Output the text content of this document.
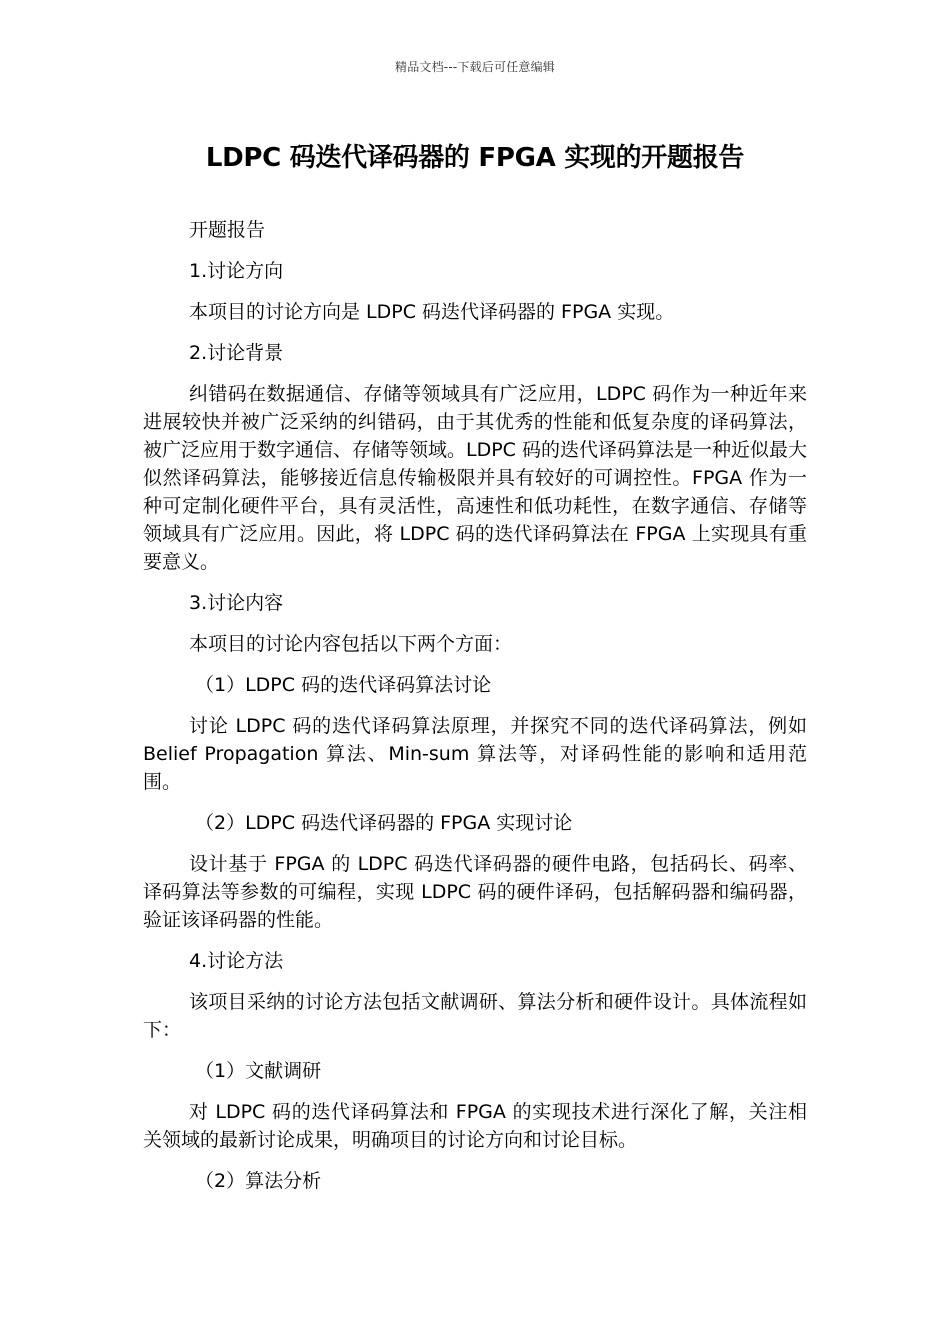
精品文档---下载后可任意编辑
LDPC 码迭代译码器的 FPGA 实现的开题报告

开题报告

1.讨论方向

本项目的讨论方向是 LDPC 码迭代译码器的 FPGA 实现。

2.讨论背景

纠错码在数据通信、存储等领域具有广泛应用，LDPC 码作为一种近年来进展较快并被广泛采纳的纠错码，由于其优秀的性能和低复杂度的译码算法，被广泛应用于数字通信、存储等领域。LDPC 码的迭代译码算法是一种近似最大似然译码算法，能够接近信息传输极限并具有较好的可调控性。FPGA 作为一种可定制化硬件平台，具有灵活性，高速性和低功耗性，在数字通信、存储等领域具有广泛应用。因此，将 LDPC 码的迭代译码算法在 FPGA 上实现具有重要意义。

3.讨论内容

本项目的讨论内容包括以下两个方面：

（1）LDPC 码的迭代译码算法讨论

讨论 LDPC 码的迭代译码算法原理，并探究不同的迭代译码算法，例如 Belief Propagation 算法、Min-sum 算法等，对译码性能的影响和适用范围。

（2）LDPC 码迭代译码器的 FPGA 实现讨论

设计基于 FPGA 的 LDPC 码迭代译码器的硬件电路，包括码长、码率、译码算法等参数的可编程，实现 LDPC 码的硬件译码，包括解码器和编码器，验证该译码器的性能。

4.讨论方法

该项目采纳的讨论方法包括文献调研、算法分析和硬件设计。具体流程如下：

（1）文献调研

对 LDPC 码的迭代译码算法和 FPGA 的实现技术进行深化了解，关注相关领域的最新讨论成果，明确项目的讨论方向和讨论目标。

（2）算法分析
